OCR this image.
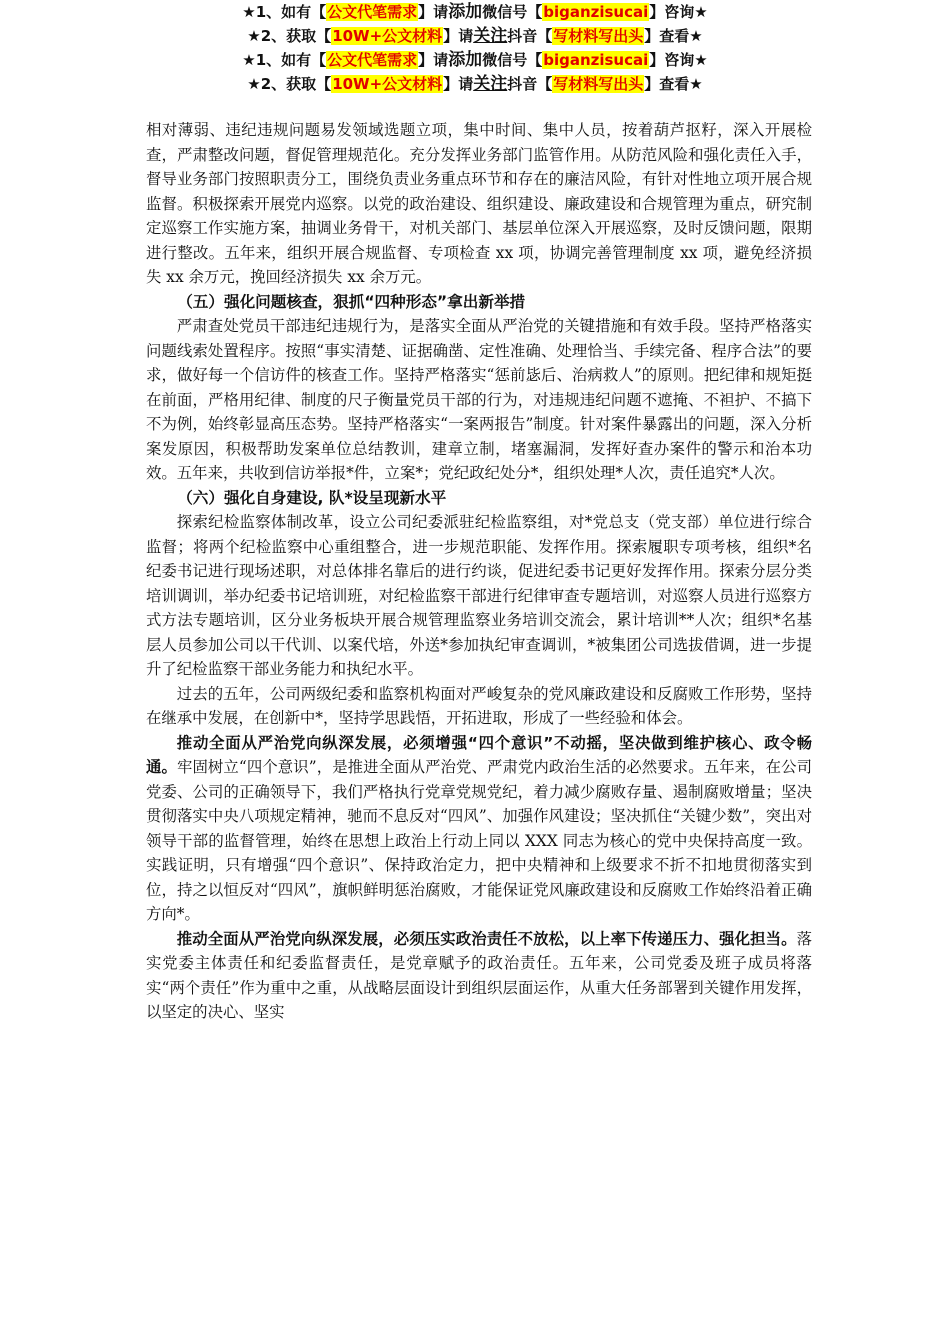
★1、如有【公文代笔需求】请添加微信号【biganzisucai】咨询★
★2、获取【10W+公文材料】请关注抖音【写材料写出头】查看★

相对薄弱、违纪违规问题易发领域选题立项，集中时间、集中人员，按着葫芦抠籽，深入开展检查，严肃整改问题，督促管理规范化。充分发挥业务部门监管作用。从防范风险和强化责任入手，督导业务部门按照职责分工，围绕负责业务重点环节和存在的廉洁风险，有针对性地立项开展合规监督。积极探索开展党内巡察。以党的政治建设、组织建设、廉政建设和合规管理为重点，研究制定巡察工作实施方案，抽调业务骨干，对机关部门、基层单位深入开展巡察，及时反馈问题，限期进行整改。五年来，组织开展合规监督、专项检查 xx 项，协调完善管理制度 xx 项，避免经济损失 xx 余万元，挽回经济损失 xx 余万元。

（五）强化问题核查，狠抓“四种形态”拿出新举措

严肃查处党员干部违纪违规行为，是落实全面从严治党的关键措施和有效手段。坚持严格落实问题线索处置程序。按照“事实清楚、证据确凿、定性准确、处理恰当、手续完备、程序合法”的要求，做好每一个信访件的核查工作。坚持严格落实“惩前毖后、治病救人”的原则。把纪律和规矩挺在前面，严格用纪律、制度的尺子衡量党员干部的行为，对违规违纪问题不遮掩、不袒护、不搞下不为例，始终彰显高压态势。坚持严格落实“一案两报告”制度。针对案件暴露出的问题，深入分析案发原因，积极帮助发案单位总结教训，建章立制，堵塞漏洞，发挥好查办案件的警示和治本功效。五年来，共收到信访举报*件，立案*；党纪政纪处分*，组织处理*人次，责任追究*人次。

（六）强化自身建设, 队*设呈现新水平

探索纪检监察体制改革，设立公司纪委派驻纪检监察组，对*党总支（党支部）单位进行综合监督；将两个纪检监察中心重组整合，进一步规范职能、发挥作用。探索履职专项考核，组织*名纪委书记进行现场述职，对总体排名靠后的进行约谈，促进纪委书记更好发挥作用。探索分层分类培训调训，举办纪委书记培训班，对纪检监察干部进行纪律审查专题培训，对巡察人员进行巡察方式方法专题培训，区分业务板块开展合规管理监察业务培训交流会，累计培训**人次；组织*名基层人员参加公司以干代训、以案代培，外送*参加执纪审查调训，*被集团公司选拔借调，进一步提升了纪检监察干部业务能力和执纪水平。

过去的五年，公司两级纪委和监察机构面对严峻复杂的党风廉政建设和反腐败工作形势，坚持在继承中发展，在创新中*，坚持学思践悟，开拓进取，形成了一些经验和体会。

推动全面从严治党向纵深发展，必须增强“四个意识”不动摇，坚决做到维护核心、政令畅通。牢固树立“四个意识”，是推进全面从严治党、严肃党内政治生活的必然要求。五年来，在公司党委、公司的正确领导下，我们严格执行党章党规党纪，着力减少腐败存量、遏制腐败增量；坚决贯彻落实中央八项规定精神，驰而不息反对“四风”、加强作风建设；坚决抓住“关键少数”，突出对领导干部的监督管理，始终在思想上政治上行动上同以 XXX 同志为核心的党中央保持高度一致。实践证明，只有增强“四个意识”、保持政治定力，把中央精神和上级要求不折不扣地贯彻落实到位，持之以恒反对“四风”，旗帜鲜明惩治腐败，才能保证党风廉政建设和反腐败工作始终沿着正确方向*。

推动全面从严治党向纵深发展，必须压实政治责任不放松，以上率下传递压力、强化担当。落实党委主体责任和纪委监督责任，是党章赋予的政治责任。五年来，公司党委及班子成员将落实“两个责任”作为重中之重，从战略层面设计到组织层面运作，从重大任务部署到关键作用发挥，以坚定的决心、坚实

★1、如有【公文代笔需求】请添加微信号【biganzisucai】咨询★
★2、获取【10W+公文材料】请关注抖音【写材料写出头】查看★
